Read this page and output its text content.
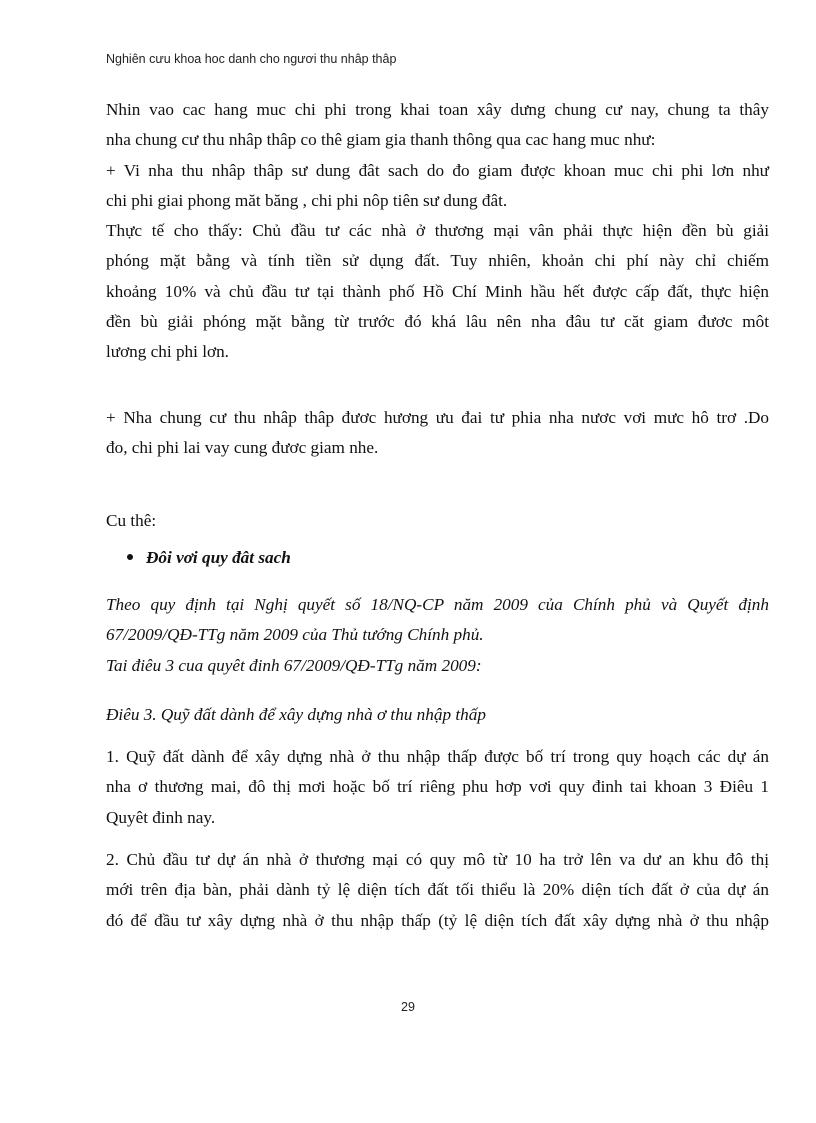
Nghiên cưu khoa hoc danh cho ngươi thu nhâp thâp
Nhin vao cac hang muc chi phi trong khai toan xây dưng chung cư nay, chung ta thây
nha chung cư thu nhâp thâp co thê giam gia thanh thông qua cac hang muc như:
+ Vi nha thu nhâp thâp sư dung đât sach do đo giam được khoan muc chi phi lơn như
chi phi giai phong măt băng , chi phi nôp tiên sư dung đât.
Thực tế cho thấy: Chủ đầu tư các nhà ở thương mại vân phải thực hiện đền bù giải
phóng mặt bằng và tính tiền sử dụng đất. Tuy nhiên, khoản chi phí này chỉ chiếm
khoảng 10% và chủ đầu tư tại thành phố Hồ Chí Minh hầu hết được cấp đất, thực hiện
đền bù giải phóng mặt bằng từ trước đó khá lâu nên nha đâu tư căt giam đươc môt
lương chi phi lơn.
+ Nha chung cư thu nhâp thâp đươc hương ưu đai tư phia nha nươc vơi mưc hô trơ .Do
đo, chi phi lai vay cung đươc giam nhe.
Cu thê:
Đôi vơi quy đât sach
Theo quy định tại Nghị quyết số 18/NQ-CP năm 2009 của Chính phủ và Quyết định
67/2009/QĐ-TTg năm 2009 của Thủ tướng Chính phủ.
Tai điêu 3 cua quyêt đinh 67/2009/QĐ-TTg năm 2009:
Điêu 3. Quỹ đất dành để xây dựng nhà ơ thu nhập thấp
1. Quỹ đất dành để xây dựng nhà ở thu nhập thấp được bố trí trong quy hoạch các dự án
nha ơ thương mai, đô thị mơi hoặc bố trí riêng phu hơp vơi quy đinh tai khoan 3 Điêu 1
Quyêt đinh nay.
2. Chủ đầu tư dự án nhà ở thương mại có quy mô từ 10 ha trở lên va dư an khu đô thị
mới trên địa bàn, phải dành tỷ lệ diện tích đất tối thiểu là 20% diện tích đất ở của dự án
đó để đầu tư xây dựng nhà ở thu nhập thấp (tỷ lệ diện tích đất xây dựng nhà ở thu nhập
29
